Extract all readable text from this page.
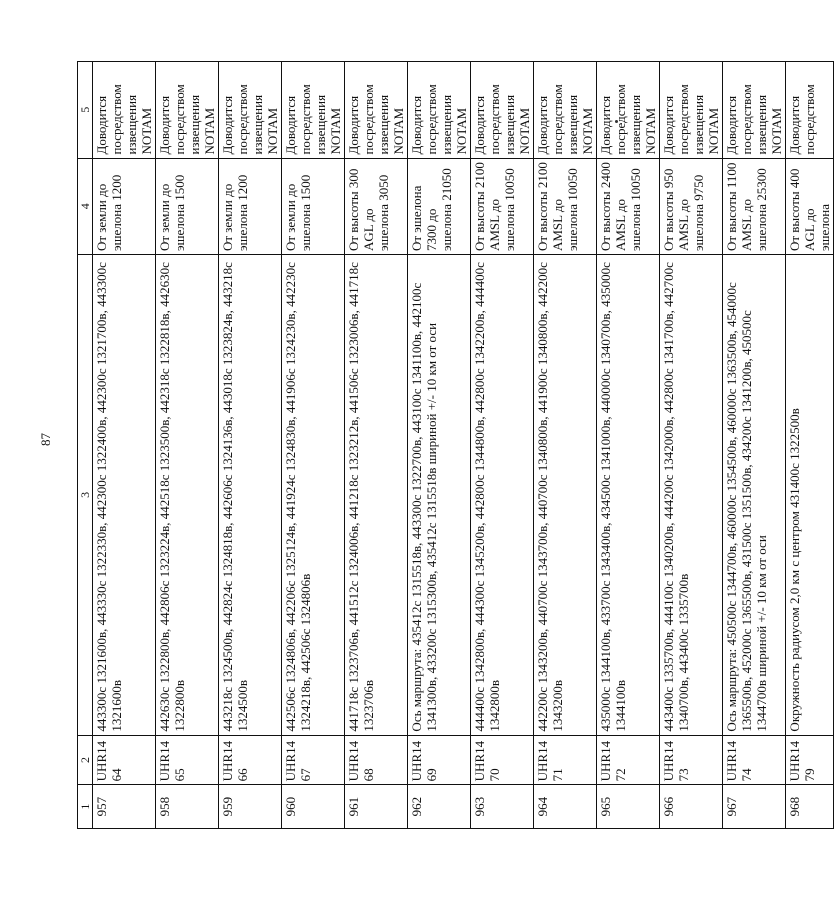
87
1	2	3	4	5
957	UHR1464	443300с 1321600в, 443330с 1322330в, 442300с 1322400в, 442300с 1321700в, 443300с 1321600в	От земли до эшелона 1200	Доводится посредством извещения NOTAM
958	UHR1465	442630с 1322800в, 442806с 1323224в, 442518с 1323500в, 442318с 1322818в, 442630с 1322800в	От земли до эшелона 1500	Доводится посредством извещения NOTAM
959	UHR1466	443218с 1324500в, 442824с 1324818в, 442606с 1324136в, 443018с 1323824в, 443218с 1324500в	От земли до эшелона 1200	Доводится посредством извещения NOTAM
960	UHR1467	442506с 1324806в, 442206с 1325124в, 441924с 1324830в, 441906с 1324230в, 442230с 1324218в, 442506с 1324806в	От земли до эшелона 1500	Доводится посредством извещения NOTAM
961	UHR1468	441718с 1323706в, 441512с 1324006в, 441218с 1323212в, 441506с 1323006в, 441718с 1323706в	От высоты 300 AGL до эшелона 3050	Доводится посредством извещения NOTAM
962	UHR1469	Ось маршрута: 435412с 1315518в, 443300с 1322700в, 443100с 1341100в, 442100с 1341300в, 433200с 1315300в, 435412с 1315518в шириной +/- 10 км от оси	От эшелона 7300 до эшелона 21050	Доводится посредством извещения NOTAM
963	UHR1470	444400с 1342800в, 444300с 1345200в, 442800с 1344800в, 442800с 1342200в, 444400с 1342800в	От высоты 2100 AMSL до эшелона 10050	Доводится посредством извещения NOTAM
964	UHR1471	442200с 1343200в, 440700с 1343700в, 440700с 1340800в, 441900с 1340800в, 442200с 1343200в	От высоты 2100 AMSL до эшелона 10050	Доводится посредством извещения NOTAM
965	UHR1472	435000с 1344100в, 433700с 1343400в, 434500с 1341000в, 440000с 1340700в, 435000с 1344100в	От высоты 2400 AMSL до эшелона 10050	Доводится посредством извещения NOTAM
966	UHR1473	443400с 1335700в, 444100с 1340200в, 444200с 1342000в, 442800с 1341700в, 442700с 1340700в, 443400с 1335700в	От высоты 950 AMSL до эшелона 9750	Доводится посредством извещения NOTAM
967	UHR1474	Ось маршрута: 450500с 1344700в, 460000с 1354500в, 460000с 1363500в, 454000с 1365500в, 452000с 1365500в, 431500с 1351500в, 434200с 1341200в, 450500с 1344700в шириной +/- 10 км от оси	От высоты 1100 AMSL до эшелона 25300	Доводится посредством извещения NOTAM
968	UHR1479	Окружность радиусом 2,0 км с центром 431400с 1322500в	От высоты 400 AGL до эшелона	Доводится посредством
